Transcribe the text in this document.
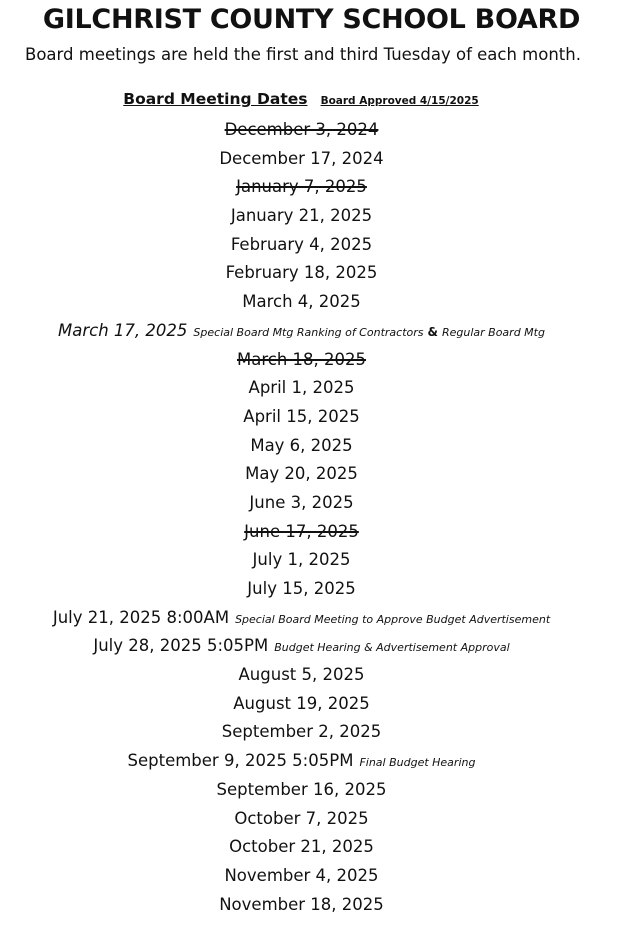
GILCHRIST COUNTY SCHOOL BOARD
Board meetings are held the first and third Tuesday of each month.
Board Meeting Dates Board Approved 4/15/2025
December 3, 2024
December 17, 2024
January 7, 2025
January 21, 2025
February 4, 2025
February 18, 2025
March 4, 2025
March 17, 2025 Special Board Mtg Ranking of Contractors & Regular Board Mtg
March 18, 2025
April 1, 2025
April 15, 2025
May 6, 2025
May 20, 2025
June 3, 2025
June 17, 2025
July 1, 2025
July 15, 2025
July 21, 2025 8:00AM Special Board Meeting to Approve Budget Advertisement
July 28, 2025 5:05PM Budget Hearing & Advertisement Approval
August 5, 2025
August 19, 2025
September 2, 2025
September 9, 2025 5:05PM Final Budget Hearing
September 16, 2025
October 7, 2025
October 21, 2025
November 4, 2025
November 18, 2025
